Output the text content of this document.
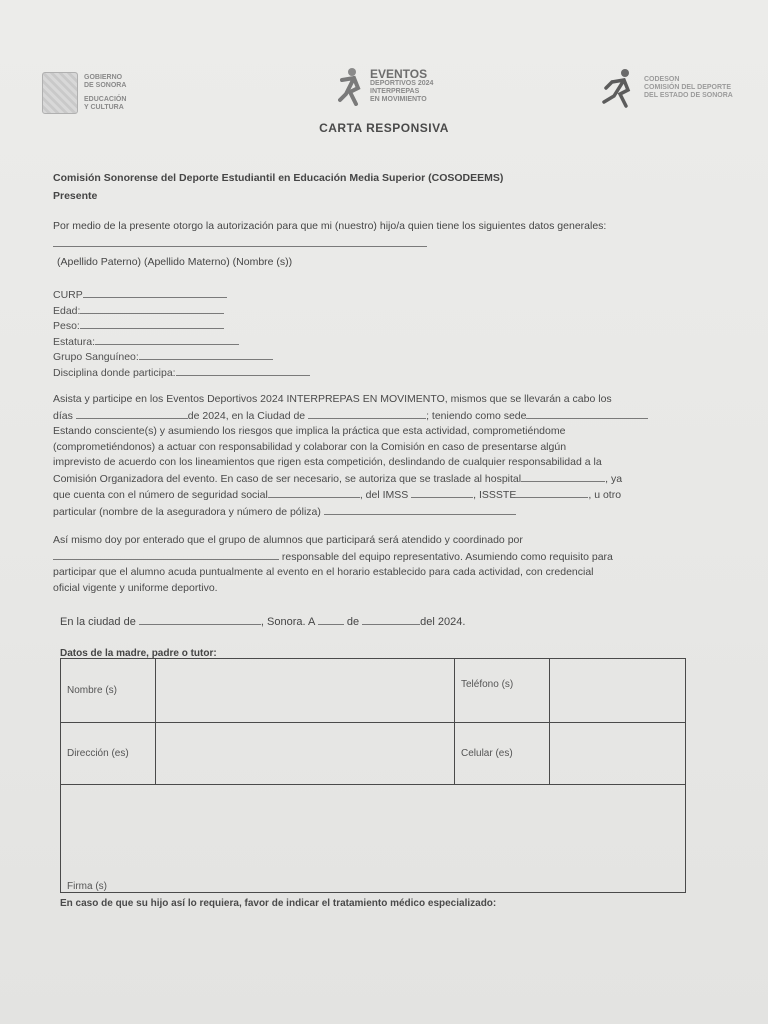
GOBIERNO
DE SONORA
EDUCACIÓN
Y CULTURA
EVENTOS
DEPORTIVOS 2024
INTERPREPAS
EN MOVIMIENTO
CODESON
COMISIÓN DEL DEPORTE
DEL ESTADO DE SONORA
CARTA RESPONSIVA
Comisión Sonorense del Deporte Estudiantil en Educación Media Superior (COSODEEMS)
Presente
Por medio de la presente otorgo la autorización para que mi (nuestro) hijo/a quien tiene los siguientes datos generales:
(Apellido Paterno) (Apellido Materno) (Nombre (s))
CURP
Edad:
Peso:
Estatura:
Grupo Sanguíneo:
Disciplina donde participa:
Asista y participe en los Eventos Deportivos 2024 INTERPREPAS EN MOVIMENTO, mismos que se llevarán a cabo los
días	de 2024, en la Ciudad de	; teniendo como sede
Estando consciente(s) y asumiendo los riesgos que implica la práctica que esta actividad, comprometiéndome
(comprometiéndonos) a actuar con responsabilidad y colaborar con la Comisión en caso de presentarse algún
imprevisto de acuerdo con los lineamientos que rigen esta competición, deslindando de cualquier responsabilidad a la
Comisión Organizadora del evento. En caso de ser necesario, se autoriza que se traslade al hospital	, ya
que cuenta con el número de seguridad social	, del IMSS	, ISSSTE	, u otro
particular (nombre de la aseguradora y número de póliza)
Así mismo doy por enterado que el grupo de alumnos que participará será atendido y coordinado por
responsable del equipo representativo. Asumiendo como requisito para
participar que el alumno acuda puntualmente al evento en el horario establecido para cada actividad, con credencial
oficial vigente y uniforme deportivo.
En la ciudad de	, Sonora. A	de	del 2024.
Datos de la madre, padre o tutor:
Nombre (s)		Teléfono (s)	
Dirección (es)		Celular (es)	
Firma (s)			
En caso de que su hijo así lo requiera, favor de indicar el tratamiento médico especializado:
